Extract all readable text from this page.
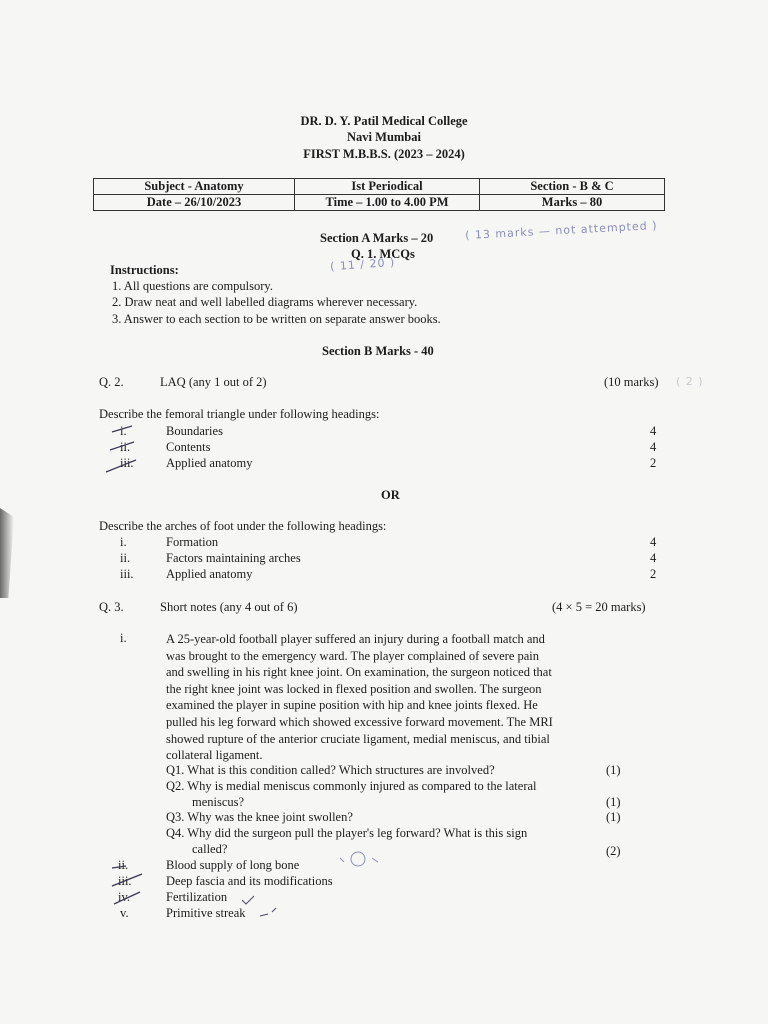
DR. D. Y. Patil Medical College
Navi Mumbai
FIRST M.B.B.S. (2023 – 2024)
Subject - Anatomy	Ist Periodical	Section - B & C
Date – 26/10/2023	Time – 1.00 to 4.00 PM	Marks – 80
Section A Marks – 20	( 13 marks — not attempted )
Q. 1. MCQs
( 11 / 20 )
Instructions:
1. All questions are compulsory.
2. Draw neat and well labelled diagrams wherever necessary.
3. Answer to each section to be written on separate answer books.
Section B Marks - 40
Q. 2.	LAQ (any 1 out of 2)	(10 marks) ( 2 )
Describe the femoral triangle under following headings:
i.	Boundaries	4
ii.	Contents	4
iii.	Applied anatomy	2
OR
Describe the arches of foot under the following headings:
i.	Formation	4
ii.	Factors maintaining arches	4
iii.	Applied anatomy	2
Q. 3.	Short notes (any 4 out of 6)	(4 × 5 = 20 marks)
i.	A 25-year-old football player suffered an injury during a football match and

was brought to the emergency ward. The player complained of severe pain

and swelling in his right knee joint. On examination, the surgeon noticed that

the right knee joint was locked in flexed position and swollen. The surgeon

examined the player in supine position with hip and knee joints flexed. He

pulled his leg forward which showed excessive forward movement. The MRI

showed rupture of the anterior cruciate ligament, medial meniscus, and tibial

collateral ligament.

Q1. What is this condition called? Which structures are involved?	(1)
Q2. Why is medial meniscus commonly injured as compared to the lateral
meniscus?	(1)
Q3. Why was the knee joint swollen?	(1)
Q4. Why did the surgeon pull the player's leg forward? What is this sign
called?	(2)
ii.	Blood supply of long bone
iii.	Deep fascia and its modifications
iv.	Fertilization
v.	Primitive streak
